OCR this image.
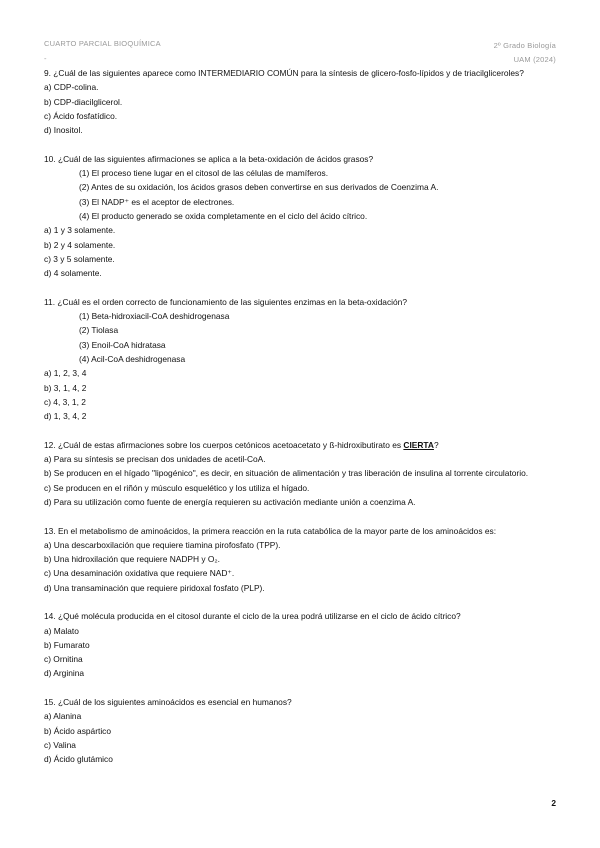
CUARTO PARCIAL BIOQUÍMICA	2º Grado Biología
UAM (2024)
-
9. ¿Cuál de las siguientes aparece como INTERMEDIARIO COMÚN para la síntesis de glicero-fosfo-lípidos y de triacilgliceroles?
a) CDP-colina.
b) CDP-diacilglicerol.
c) Ácido fosfatídico.
d) Inositol.
10. ¿Cuál de las siguientes afirmaciones se aplica a la beta-oxidación de ácidos grasos?
(1) El proceso tiene lugar en el citosol de las células de mamíferos.
(2) Antes de su oxidación, los ácidos grasos deben convertirse en sus derivados de Coenzima A.
(3) El NADP⁺ es el aceptor de electrones.
(4) El producto generado se oxida completamente en el ciclo del ácido cítrico.
a) 1 y 3 solamente.
b) 2 y 4 solamente.
c) 3 y 5 solamente.
d) 4 solamente.
11. ¿Cuál es el orden correcto de funcionamiento de las siguientes enzimas en la beta-oxidación?
(1) Beta-hidroxiacil-CoA deshidrogenasa
(2) Tiolasa
(3) Enoil-CoA hidratasa
(4) Acil-CoA deshidrogenasa
a) 1, 2, 3, 4
b) 3, 1, 4, 2
c) 4, 3, 1, 2
d) 1, 3, 4, 2
12. ¿Cuál de estas afirmaciones sobre los cuerpos cetónicos acetoacetato y ß-hidroxibutirato es CIERTA?
a) Para su síntesis se precisan dos unidades de acetil-CoA.
b) Se producen en el hígado "lipogénico", es decir, en situación de alimentación y tras liberación de insulina al torrente circulatorio.
c) Se producen en el riñón y músculo esquelético y los utiliza el hígado.
d) Para su utilización como fuente de energía requieren su activación mediante unión a coenzima A.
13. En el metabolismo de aminoácidos, la primera reacción en la ruta catabólica de la mayor parte de los aminoácidos es:
a) Una descarboxilación que requiere tiamina pirofosfato (TPP).
b) Una hidroxilación que requiere NADPH y O₂.
c) Una desaminación oxidativa que requiere NAD⁺.
d) Una transaminación que requiere piridoxal fosfato (PLP).
14. ¿Qué molécula producida en el citosol durante el ciclo de la urea podrá utilizarse en el ciclo de ácido cítrico?
a) Malato
b) Fumarato
c) Ornitina
d) Arginina
15. ¿Cuál de los siguientes aminoácidos es esencial en humanos?
a) Alanina
b) Ácido aspártico
c) Valina
d) Ácido glutámico
2
